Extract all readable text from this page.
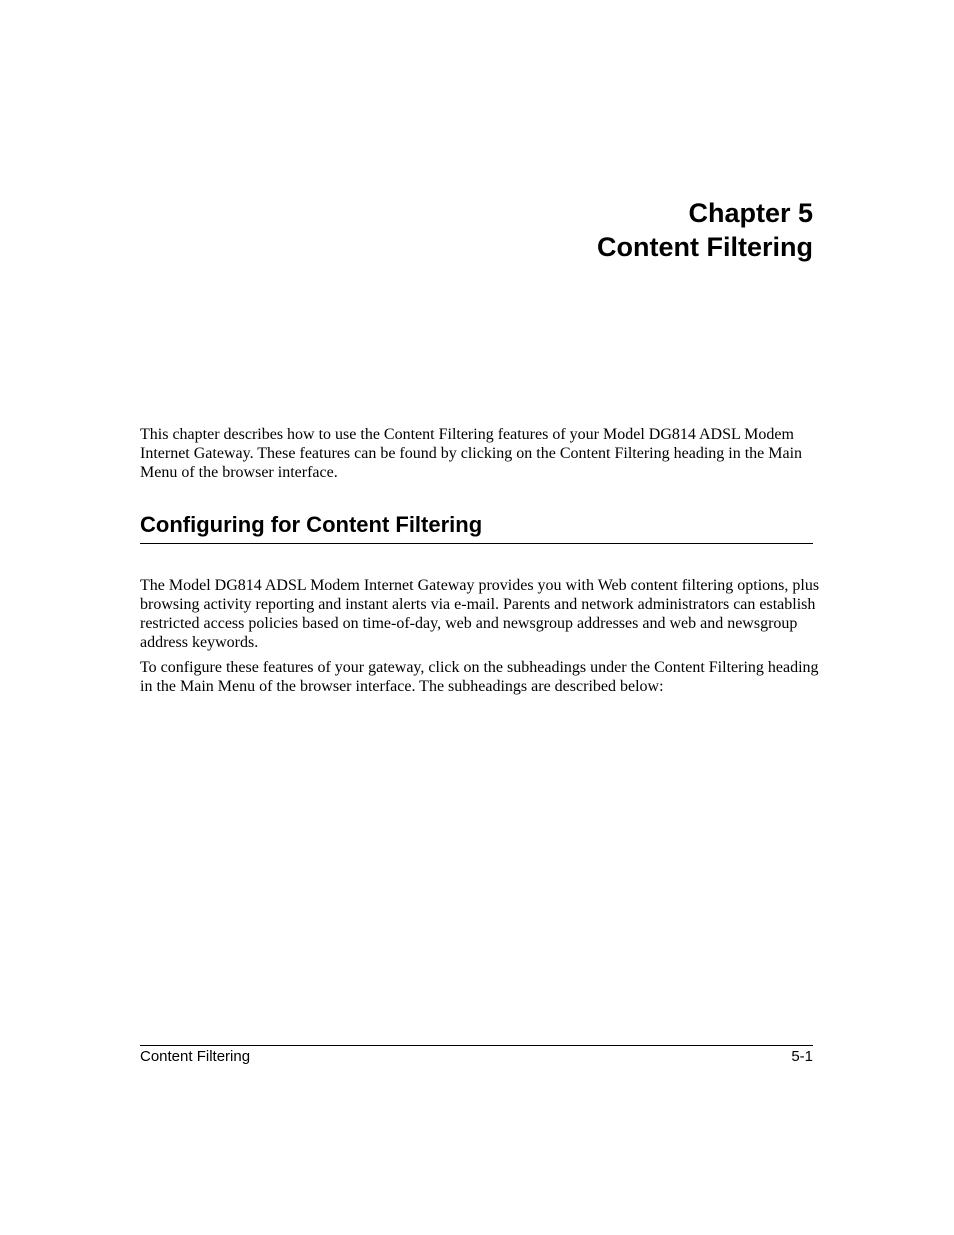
Chapter 5
Content Filtering

This chapter describes how to use the Content Filtering features of your Model DG814 ADSL Modem Internet Gateway. These features can be found by clicking on the Content Filtering heading in the Main Menu of the browser interface.

Configuring for Content Filtering

The Model DG814 ADSL Modem Internet Gateway provides you with Web content filtering options, plus browsing activity reporting and instant alerts via e-mail. Parents and network administrators can establish restricted access policies based on time-of-day, web and newsgroup addresses and web and newsgroup address keywords.

To configure these features of your gateway, click on the subheadings under the Content Filtering heading in the Main Menu of the browser interface. The subheadings are described below:

Content Filtering	5-1
